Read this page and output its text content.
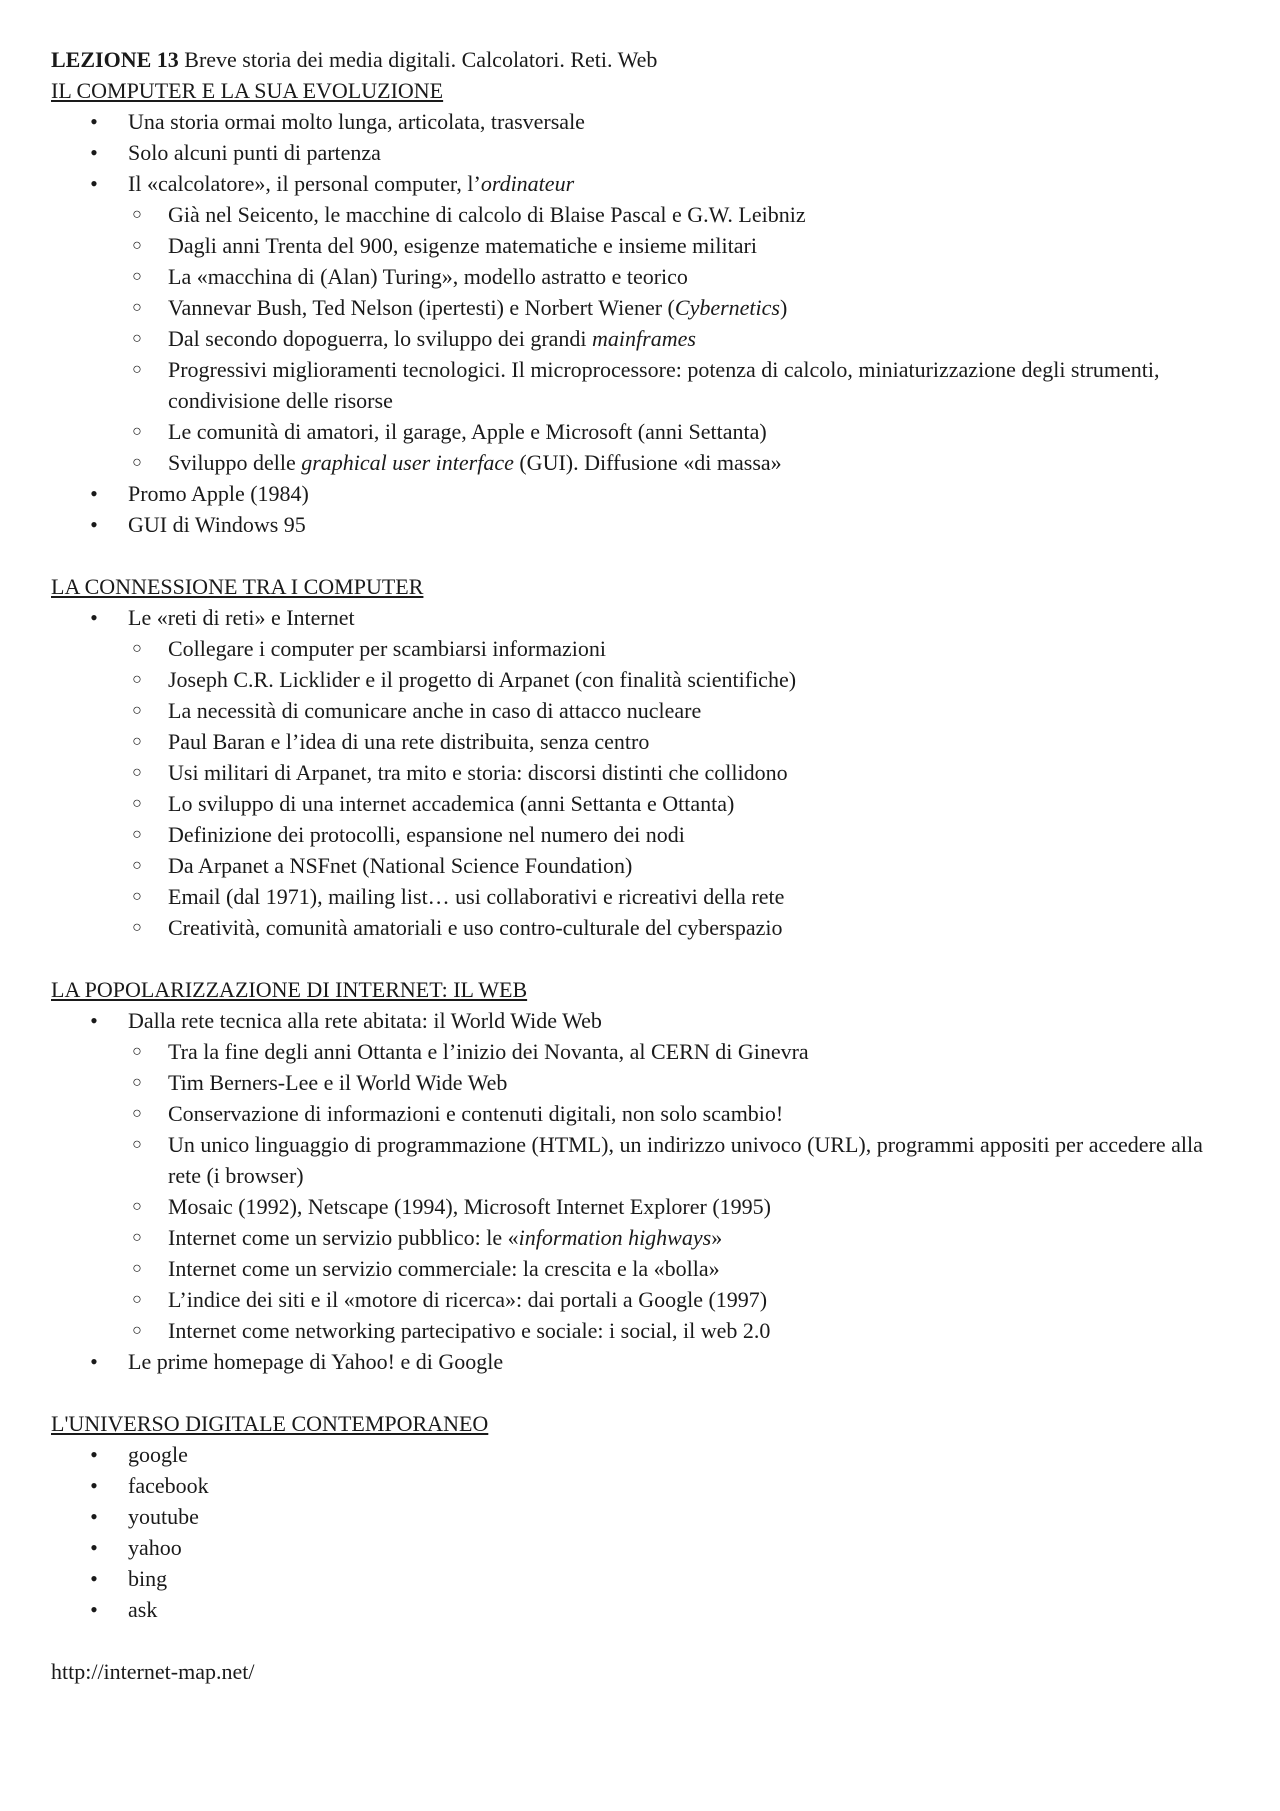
LEZIONE 13 Breve storia dei media digitali. Calcolatori. Reti. Web
IL COMPUTER E LA SUA EVOLUZIONE
• Una storia ormai molto lunga, articolata, trasversale
• Solo alcuni punti di partenza
• Il «calcolatore», il personal computer, l’ordinateur
○ Già nel Seicento, le macchine di calcolo di Blaise Pascal e G.W. Leibniz
○ Dagli anni Trenta del 900, esigenze matematiche e insieme militari
○ La «macchina di (Alan) Turing», modello astratto e teorico
○ Vannevar Bush, Ted Nelson (ipertesti) e Norbert Wiener (Cybernetics)
○ Dal secondo dopoguerra, lo sviluppo dei grandi mainframes
○ Progressivi miglioramenti tecnologici. Il microprocessore: potenza di calcolo, miniaturizzazione degli strumenti, condivisione delle risorse
○ Le comunità di amatori, il garage, Apple e Microsoft (anni Settanta)
○ Sviluppo delle graphical user interface (GUI). Diffusione «di massa»
• Promo Apple (1984)
• GUI di Windows 95
LA CONNESSIONE TRA I COMPUTER
• Le «reti di reti» e Internet
○ Collegare i computer per scambiarsi informazioni
○ Joseph C.R. Licklider e il progetto di Arpanet (con finalità scientifiche)
○ La necessità di comunicare anche in caso di attacco nucleare
○ Paul Baran e l’idea di una rete distribuita, senza centro
○ Usi militari di Arpanet, tra mito e storia: discorsi distinti che collidono
○ Lo sviluppo di una internet accademica (anni Settanta e Ottanta)
○ Definizione dei protocolli, espansione nel numero dei nodi
○ Da Arpanet a NSFnet (National Science Foundation)
○ Email (dal 1971), mailing list… usi collaborativi e ricreativi della rete
○ Creatività, comunità amatoriali e uso contro-culturale del cyberspazio
LA POPOLARIZZAZIONE DI INTERNET: IL WEB
• Dalla rete tecnica alla rete abitata: il World Wide Web
○ Tra la fine degli anni Ottanta e l’inizio dei Novanta, al CERN di Ginevra
○ Tim Berners-Lee e il World Wide Web
○ Conservazione di informazioni e contenuti digitali, non solo scambio!
○ Un unico linguaggio di programmazione (HTML), un indirizzo univoco (URL), programmi appositi per accedere alla rete (i browser)
○ Mosaic (1992), Netscape (1994), Microsoft Internet Explorer (1995)
○ Internet come un servizio pubblico: le «information highways»
○ Internet come un servizio commerciale: la crescita e la «bolla»
○ L’indice dei siti e il «motore di ricerca»: dai portali a Google (1997)
○ Internet come networking partecipativo e sociale: i social, il web 2.0
• Le prime homepage di Yahoo! e di Google
L'UNIVERSO DIGITALE CONTEMPORANEO
• google
• facebook
• youtube
• yahoo
• bing
• ask
http://internet-map.net/
